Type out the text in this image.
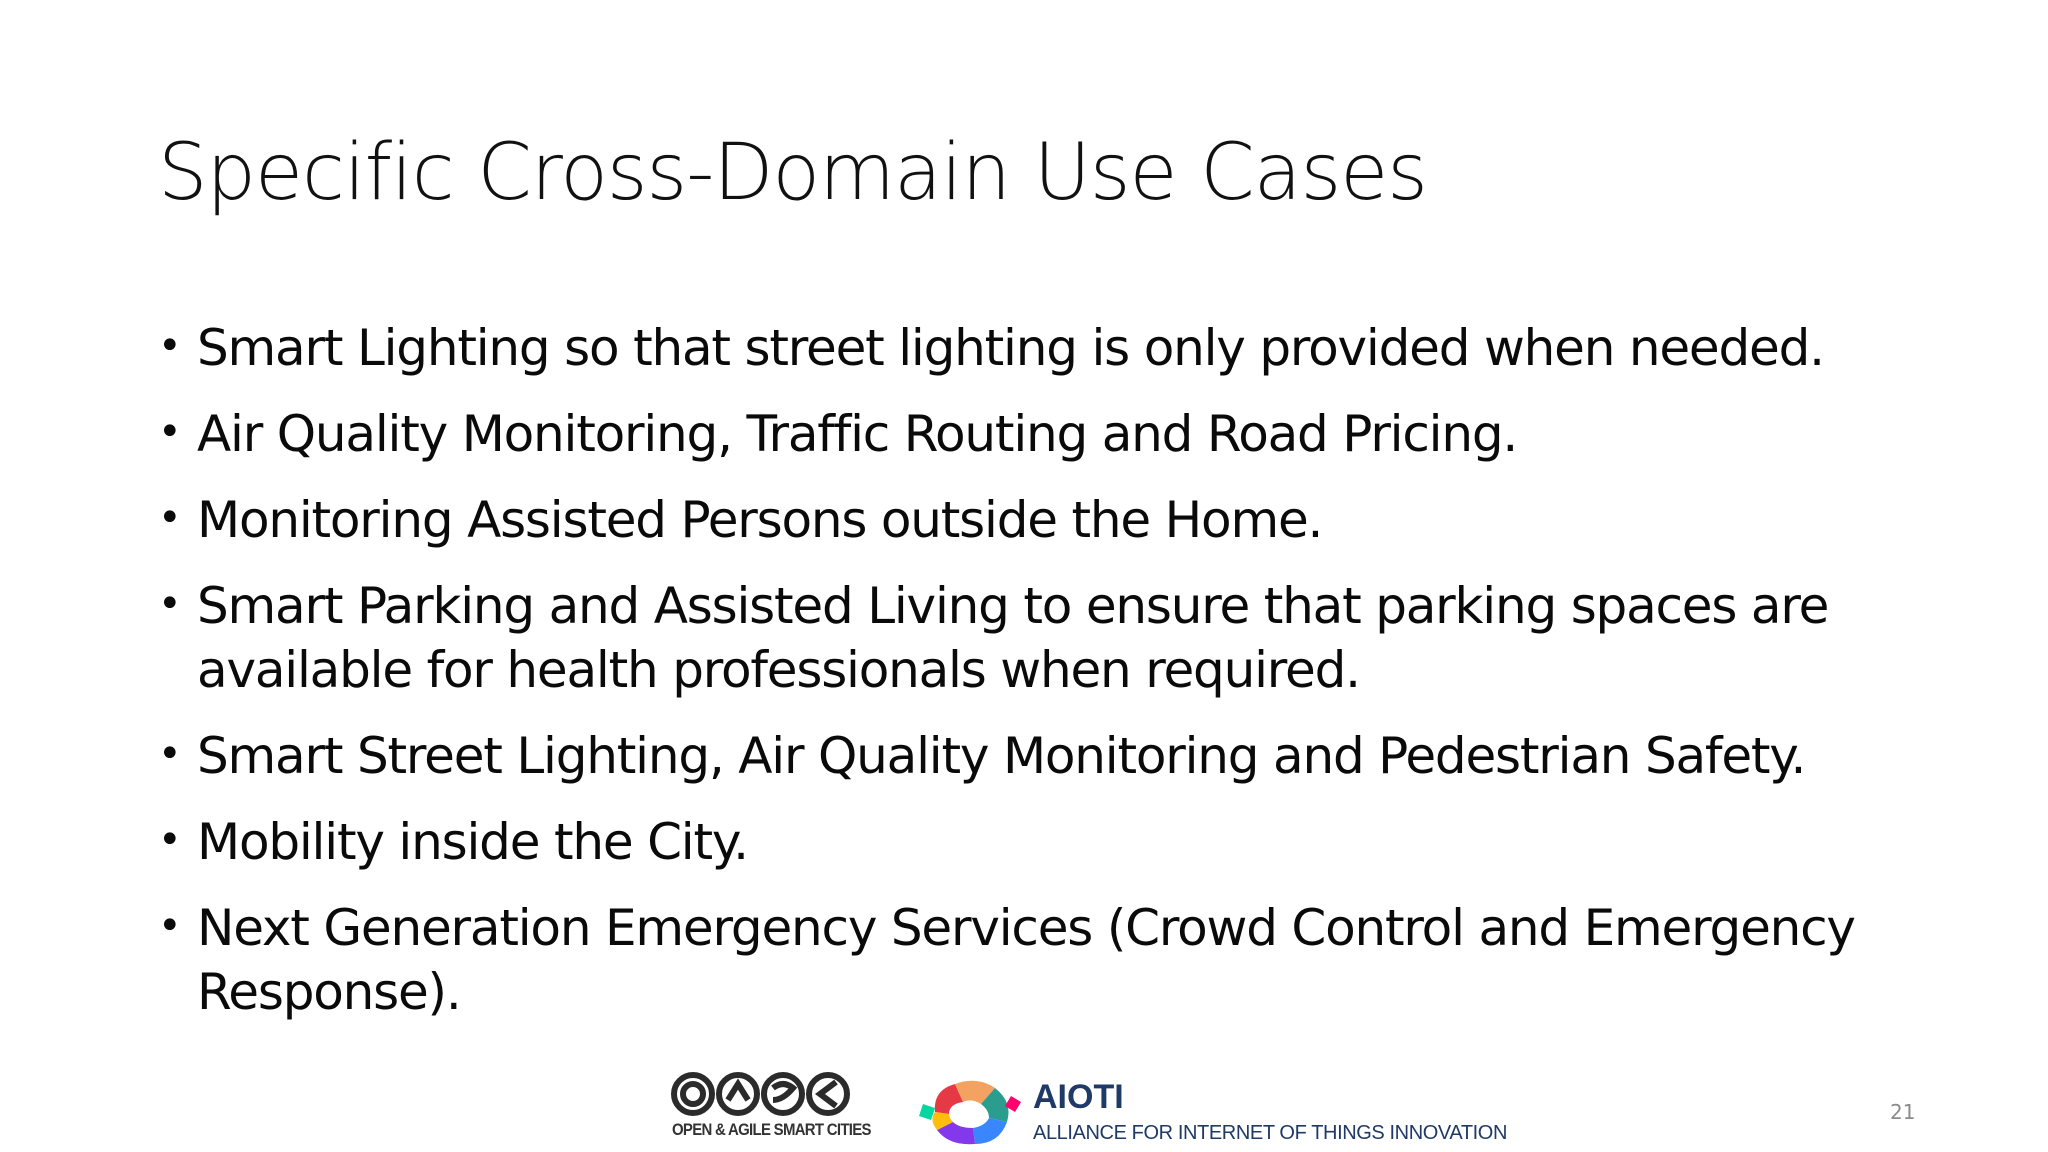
Specific Cross-Domain Use Cases
• Smart Lighting so that street lighting is only provided when needed.
• Air Quality Monitoring, Traffic Routing and Road Pricing.
• Monitoring Assisted Persons outside the Home.
• Smart Parking and Assisted Living to ensure that parking spaces are available for health professionals when required.
• Smart Street Lighting, Air Quality Monitoring and Pedestrian Safety.
• Mobility inside the City.
• Next Generation Emergency Services (Crowd Control and Emergency Response).
OPEN & AGILE SMART CITIES
AIOTI
ALLIANCE FOR INTERNET OF THINGS INNOVATION
21
